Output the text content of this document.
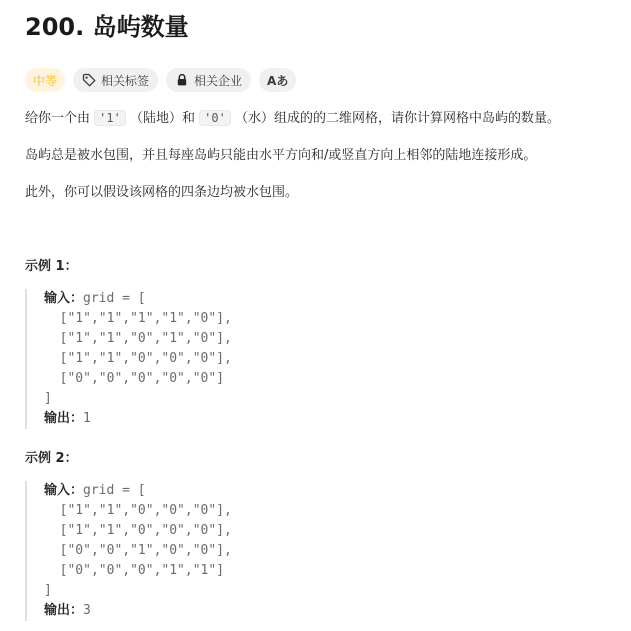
200. 岛屿数量
中等	相关标签	相关企业 Aあ

给你一个由 '1' （陆地）和 '0' （水）组成的的二维网格，请你计算网格中岛屿的数量。

岛屿总是被水包围，并且每座岛屿只能由水平方向和/或竖直方向上相邻的陆地连接形成。

此外，你可以假设该网格的四条边均被水包围。

示例 1：

输入：grid = [
["1","1","1","1","0"],
["1","1","0","1","0"],
["1","1","0","0","0"],
["0","0","0","0","0"]
]
输出：1

示例 2：

输入：grid = [
["1","1","0","0","0"],
["1","1","0","0","0"],
["0","0","1","0","0"],
["0","0","0","1","1"]
]
输出：3
